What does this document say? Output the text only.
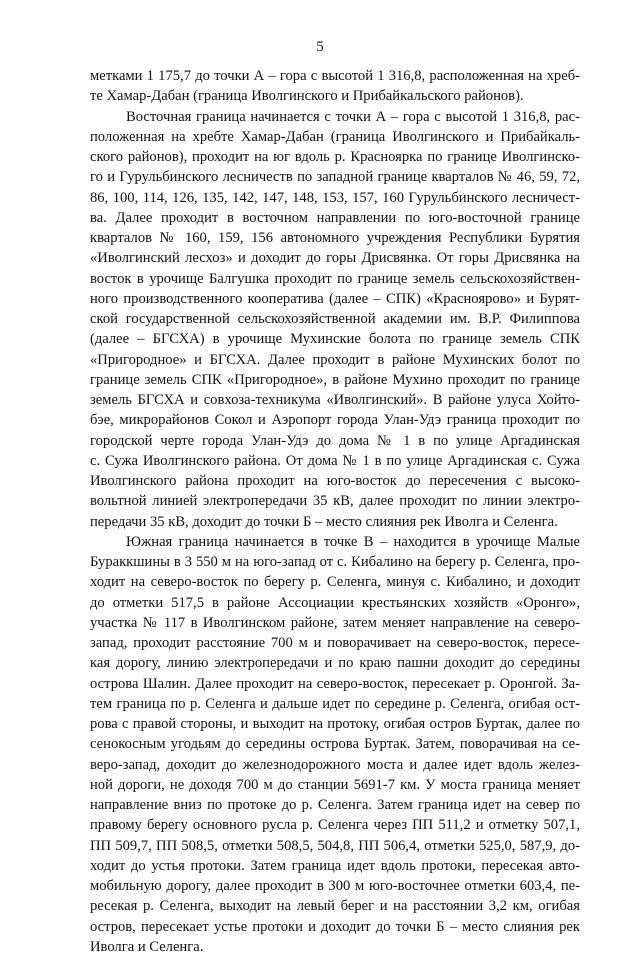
5
метками 1 175,7 до точки А – гора с высотой 1 316,8, расположенная на хреб-
те Хамар-Дабан (граница Иволгинского и Прибайкальского районов).
Восточная граница начинается с точки А – гора с высотой 1 316,8, рас-
положенная на хребте Хамар-Дабан (граница Иволгинского и Прибайкаль-
ского районов), проходит на юг вдоль р. Красноярка по границе Иволгинско-
го и Гурульбинского лесничеств по западной границе кварталов № 46, 59, 72,
86, 100, 114, 126, 135, 142, 147, 148, 153, 157, 160 Гурульбинского лесничест-
ва. Далее проходит в восточном направлении по юго-восточной границе
кварталов № 160, 159, 156 автономного учреждения Республики Бурятия
«Иволгинский лесхоз» и доходит до горы Дрисвянка. От горы Дрисвянка на
восток в урочище Балгушка проходит по границе земель сельскохозяйствен-
ного производственного кооператива (далее – СПК) «Красноярово» и Бурят-
ской государственной сельскохозяйственной академии им. В.Р. Филиппова
(далее – БГСХА) в урочище Мухинские болота по границе земель СПК
«Пригородное» и БГСХА. Далее проходит в районе Мухинских болот по
границе земель СПК «Пригородное», в районе Мухино проходит по границе
земель БГСХА и совхоза-техникума «Иволгинский». В районе улуса Хойто-
бэе, микрорайонов Сокол и Аэропорт города Улан-Удэ граница проходит по
городской черте города Улан-Удэ до дома № 1 в по улице Аргадинская
с. Сужа Иволгинского района. От дома № 1 в по улице Аргадинская с. Сужа
Иволгинского района проходит на юго-восток до пересечения с высоко-
вольтной линией электропередачи 35 кВ, далее проходит по линии электро-
передачи 35 кВ, доходит до точки Б – место слияния рек Иволга и Селенга.
Южная граница начинается в точке В – находится в урочище Малые
Бураккшины в 3 550 м на юго-запад от с. Кибалино на берегу р. Селенга, про-
ходит на северо-восток по берегу р. Селенга, минуя с. Кибалино, и доходит
до отметки 517,5 в районе Ассоциации крестьянских хозяйств «Оронго»,
участка № 117 в Иволгинском районе, затем меняет направление на северо-
запад, проходит расстояние 700 м и поворачивает на северо-восток, пересе-
кая дорогу, линию электропередачи и по краю пашни доходит до середины
острова Шалин. Далее проходит на северо-восток, пересекает р. Оронгой. За-
тем граница по р. Селенга и дальше идет по середине р. Селенга, огибая ост-
рова с правой стороны, и выходит на протоку, огибая остров Буртак, далее по
сенокосным угодьям до середины острова Буртак. Затем, поворачивая на се-
веро-запад, доходит до железнодорожного моста и далее идет вдоль желез-
ной дороги, не доходя 700 м до станции 5691-7 км. У моста граница меняет
направление вниз по протоке до р. Селенга. Затем граница идет на север по
правому берегу основного русла р. Селенга через ПП 511,2 и отметку 507,1,
ПП 509,7, ПП 508,5, отметки 508,5, 504,8, ПП 506,4, отметки 525,0, 587,9, до-
ходит до устья протоки. Затем граница идет вдоль протоки, пересекая авто-
мобильную дорогу, далее проходит в 300 м юго-восточнее отметки 603,4, пе-
ресекая р. Селенга, выходит на левый берег и на расстоянии 3,2 км, огибая
остров, пересекает устье протоки и доходит до точки Б – место слияния рек
Иволга и Селенга.
